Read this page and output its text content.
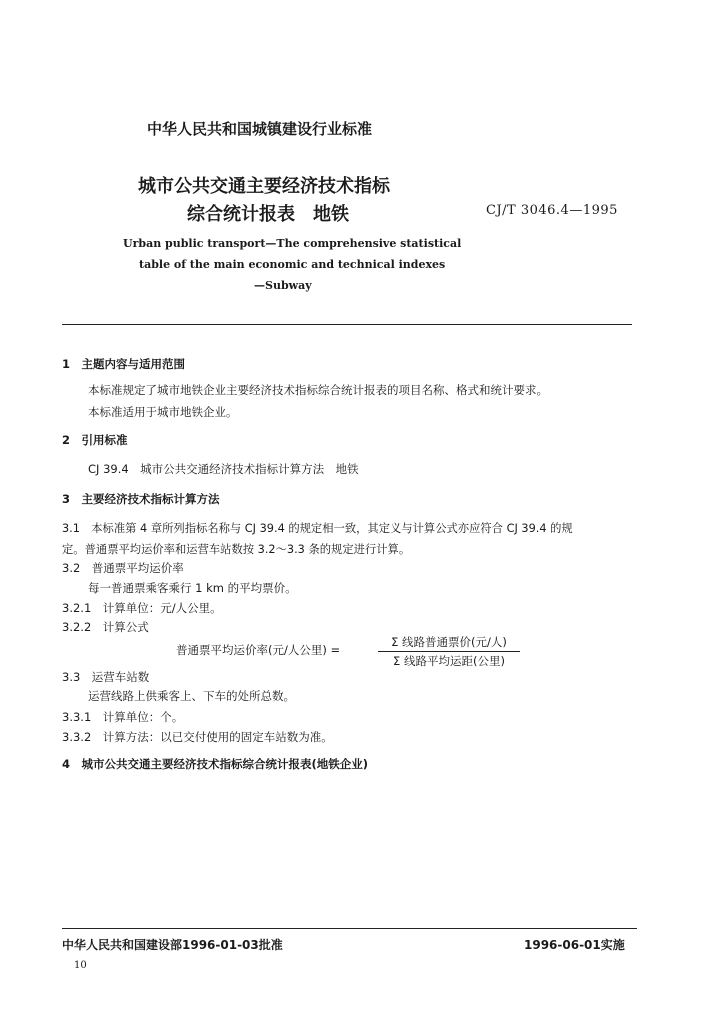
中华人民共和国城镇建设行业标准
城市公共交通主要经济技术指标
综合统计报表　地铁	CJ/T 3046.4—1995
Urban public transport—The comprehensive statistical
table of the main economic and technical indexes
—Subway
1　主题内容与适用范围
本标准规定了城市地铁企业主要经济技术指标综合统计报表的项目名称、格式和统计要求。
本标准适用于城市地铁企业。
2　引用标准
CJ 39.4　城市公共交通经济技术指标计算方法　地铁
3　主要经济技术指标计算方法
3.1　本标准第 4 章所列指标名称与 CJ 39.4 的规定相一致，其定义与计算公式亦应符合 CJ 39.4 的规
定。普通票平均运价率和运营车站数按 3.2～3.3 条的规定进行计算。
3.2　普通票平均运价率
每一普通票乘客乘行 1 km 的平均票价。
3.2.1　计算单位：元/人公里。
3.2.2　计算公式
普通票平均运价率(元/人公里) =
Σ 线路普通票价(元/人)
Σ 线路平均运距(公里)
3.3　运营车站数
运营线路上供乘客上、下车的处所总数。
3.3.1　计算单位：个。
3.3.2　计算方法：以已交付使用的固定车站数为准。
4　城市公共交通主要经济技术指标综合统计报表(地铁企业)
中华人民共和国建设部1996-01-03批准	1996-06-01实施
10
